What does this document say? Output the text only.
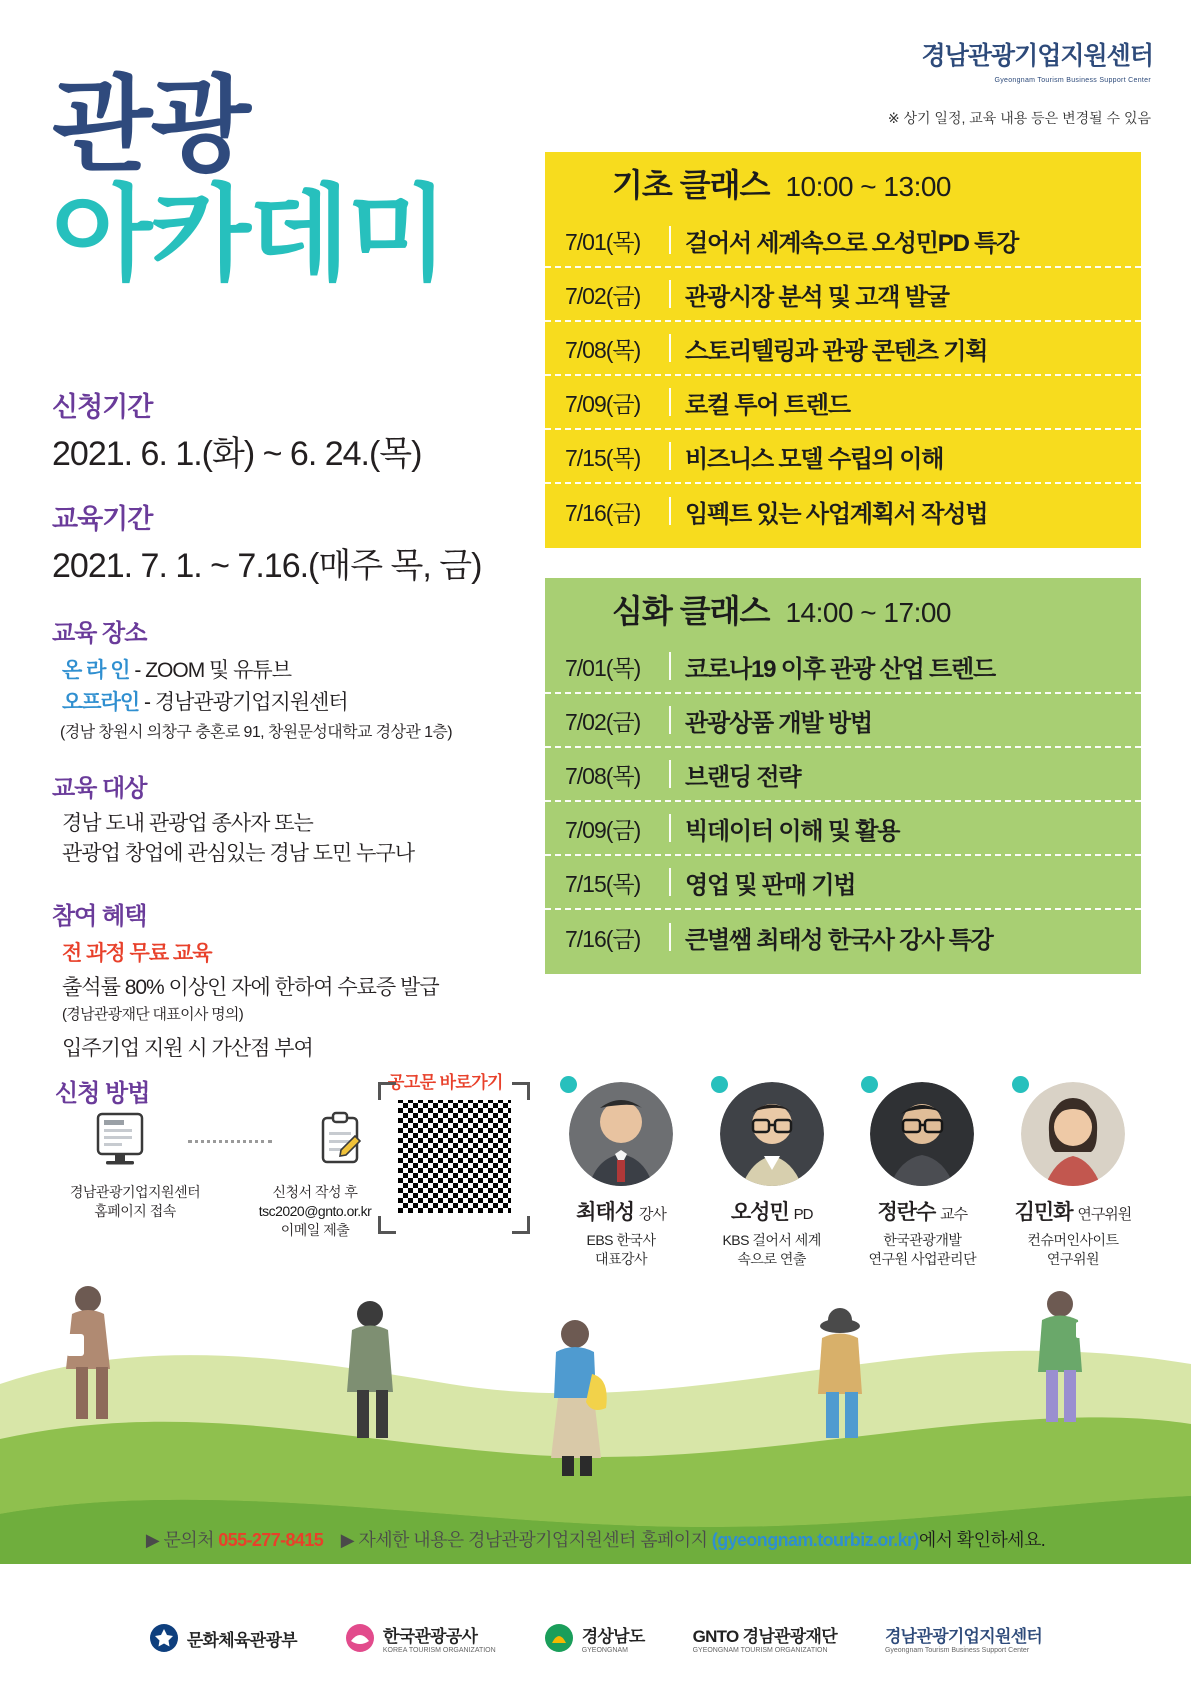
경남관광기업지원센터
Gyeongnam Tourism Business Support Center
※ 상기 일정, 교육 내용 등은 변경될 수 있음
관광
아카데미
신청기간
2021. 6. 1.(화) ~ 6. 24.(목)
교육기간
2021. 7. 1. ~ 7.16.(매주 목, 금)
교육 장소
온 라 인 - ZOOM 및 유튜브
오프라인 - 경남관광기업지원센터
(경남 창원시 의창구 충혼로 91, 창원문성대학교 경상관 1층)
교육 대상
경남 도내 관광업 종사자 또는
관광업 창업에 관심있는 경남 도민 누구나
참여 혜택
전 과정 무료 교육
출석률 80% 이상인 자에 한하여 수료증 발급
(경남관광재단 대표이사 명의)
입주기업 지원 시 가산점 부여
신청 방법
경남관광기업지원센터
홈페이지 접속
신청서 작성 후
tsc2020@gnto.or.kr
이메일 제출
공고문 바로가기
기초 클래스 10:00 ~ 13:00
7/01(목)	걸어서 세계속으로 오성민PD 특강
7/02(금)	관광시장 분석 및 고객 발굴
7/08(목)	스토리텔링과 관광 콘텐츠 기획
7/09(금)	로컬 투어 트렌드
7/15(목)	비즈니스 모델 수립의 이해
7/16(금)	임펙트 있는 사업계획서 작성법
심화 클래스 14:00 ~ 17:00
7/01(목)	코로나19 이후 관광 산업 트렌드
7/02(금)	관광상품 개발 방법
7/08(목)	브랜딩 전략
7/09(금)	빅데이터 이해 및 활용
7/15(목)	영업 및 판매 기법
7/16(금)	큰별쌤 최태성 한국사 강사 특강
최태성 강사
EBS 한국사
대표강사
오성민 PD
KBS 걸어서 세계
속으로 연출
정란수 교수
한국관광개발
연구원 사업관리단
김민화 연구위원
컨슈머인사이트
연구위원
▶ 문의처 055-277-8415 ▶ 자세한 내용은 경남관광기업지원센터 홈페이지 (gyeongnam.tourbiz.or.kr)에서 확인하세요.
문화체육관광부	한국관광공사
KOREA TOURISM ORGANIZATION
경상남도
GYEONGNAM
GNTO 경남관광재단
GYEONGNAM TOURISM ORGANIZATION
경남관광기업지원센터
Gyeongnam Tourism Business Support Center
